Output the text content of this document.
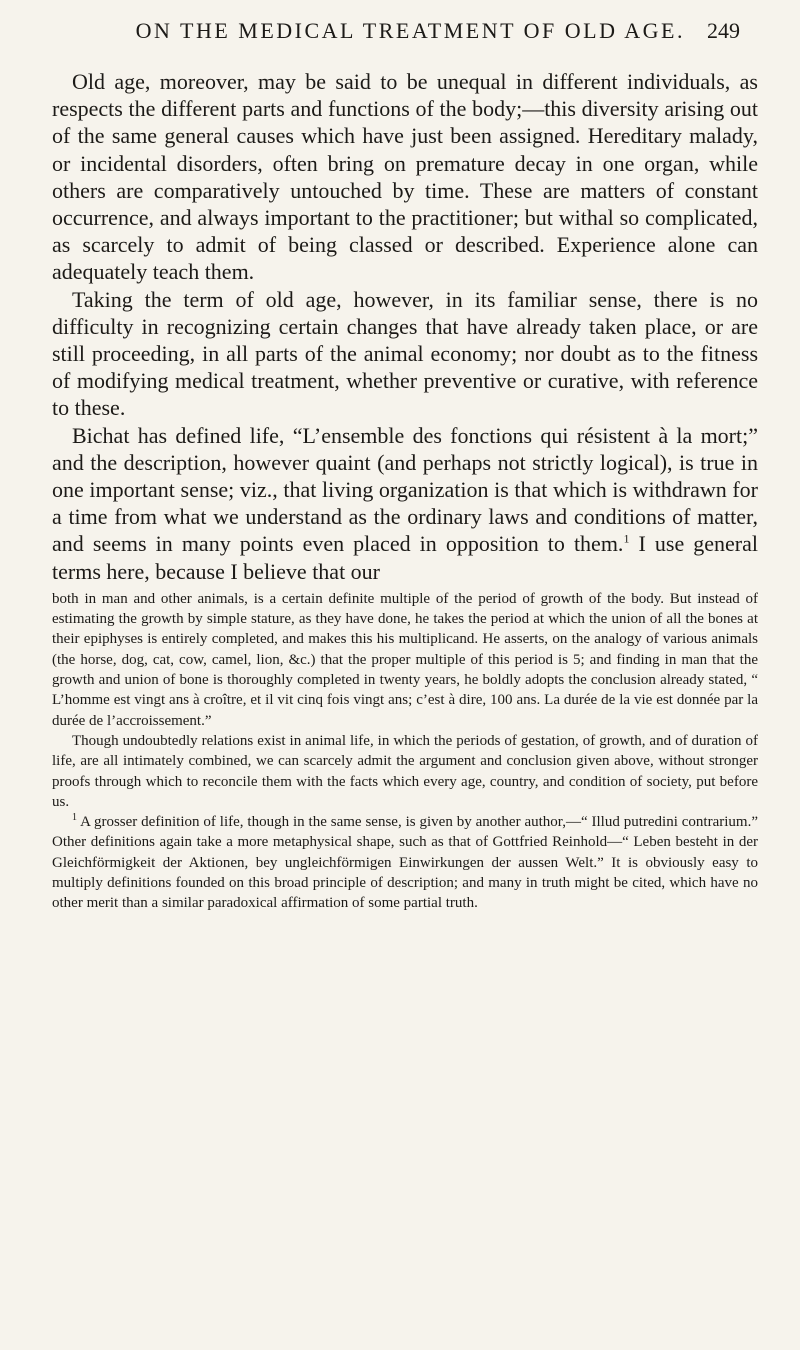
ON THE MEDICAL TREATMENT OF OLD AGE. 249

Old age, moreover, may be said to be unequal in different individuals, as respects the different parts and functions of the body;—this diversity arising out of the same general causes which have just been assigned. Hereditary malady, or incidental disorders, often bring on premature decay in one organ, while others are comparatively untouched by time. These are matters of constant occurrence, and always important to the practitioner; but withal so complicated, as scarcely to admit of being classed or described. Experience alone can adequately teach them.

Taking the term of old age, however, in its familiar sense, there is no difficulty in recognizing certain changes that have already taken place, or are still proceeding, in all parts of the animal economy; nor doubt as to the fitness of modifying medical treatment, whether preventive or curative, with reference to these.

Bichat has defined life, “L’ensemble des fonctions qui résistent à la mort;” and the description, however quaint (and perhaps not strictly logical), is true in one important sense; viz., that living organization is that which is withdrawn for a time from what we understand as the ordinary laws and conditions of matter, and seems in many points even placed in opposition to them.$^1$ I use general terms here, because I believe that our

both in man and other animals, is a certain definite multiple of the period of growth of the body. But instead of estimating the growth by simple stature, as they have done, he takes the period at which the union of all the bones at their epiphyses is entirely completed, and makes this his multiplicand. He asserts, on the analogy of various animals (the horse, dog, cat, cow, camel, lion, &c.) that the proper multiple of this period is 5; and finding in man that the growth and union of bone is thoroughly completed in twenty years, he boldly adopts the conclusion already stated, “ L’homme est vingt ans à croître, et il vit cinq fois vingt ans; c’est à dire, 100 ans. La durée de la vie est donnée par la durée de l’accroissement.”

Though undoubtedly relations exist in animal life, in which the periods of gestation, of growth, and of duration of life, are all intimately combined, we can scarcely admit the argument and conclusion given above, without stronger proofs through which to reconcile them with the facts which every age, country, and condition of society, put before us.

$^1$ A grosser definition of life, though in the same sense, is given by another author,—“ Illud putredini contrarium.” Other definitions again take a more metaphysical shape, such as that of Gottfried Reinhold—“ Leben besteht in der Gleichförmigkeit der Aktionen, bey ungleichförmigen Einwirkungen der aussen Welt.” It is obviously easy to multiply definitions founded on this broad principle of description; and many in truth might be cited, which have no other merit than a similar paradoxical affirmation of some partial truth.
